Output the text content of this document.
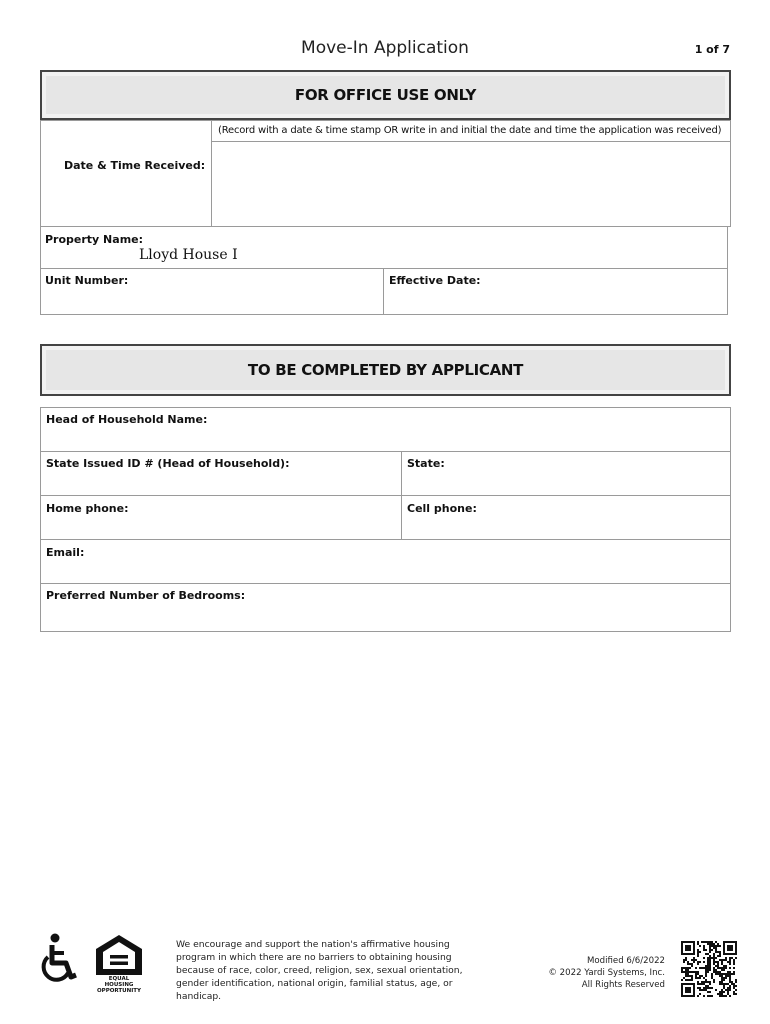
Move-In Application	1 of 7
FOR OFFICE USE ONLY
Date & Time Received:
(Record with a date & time stamp OR write in and initial the date and time the application was received)
Property Name:
Lloyd House I
Unit Number:	Effective Date:
TO BE COMPLETED BY APPLICANT
Head of Household Name:
State Issued ID # (Head of Household):	State:
Home phone:	Cell phone:
Email:
Preferred Number of Bedrooms:
EQUAL HOUSING OPPORTUNITY
We encourage and support the nation's affirmative housing program in which there are no barriers to obtaining housing because of race, color, creed, religion, sex, sexual orientation, gender identification, national origin, familial status, age, or handicap.
Modified 6/6/2022
© 2022 Yardi Systems, Inc.
All Rights Reserved
